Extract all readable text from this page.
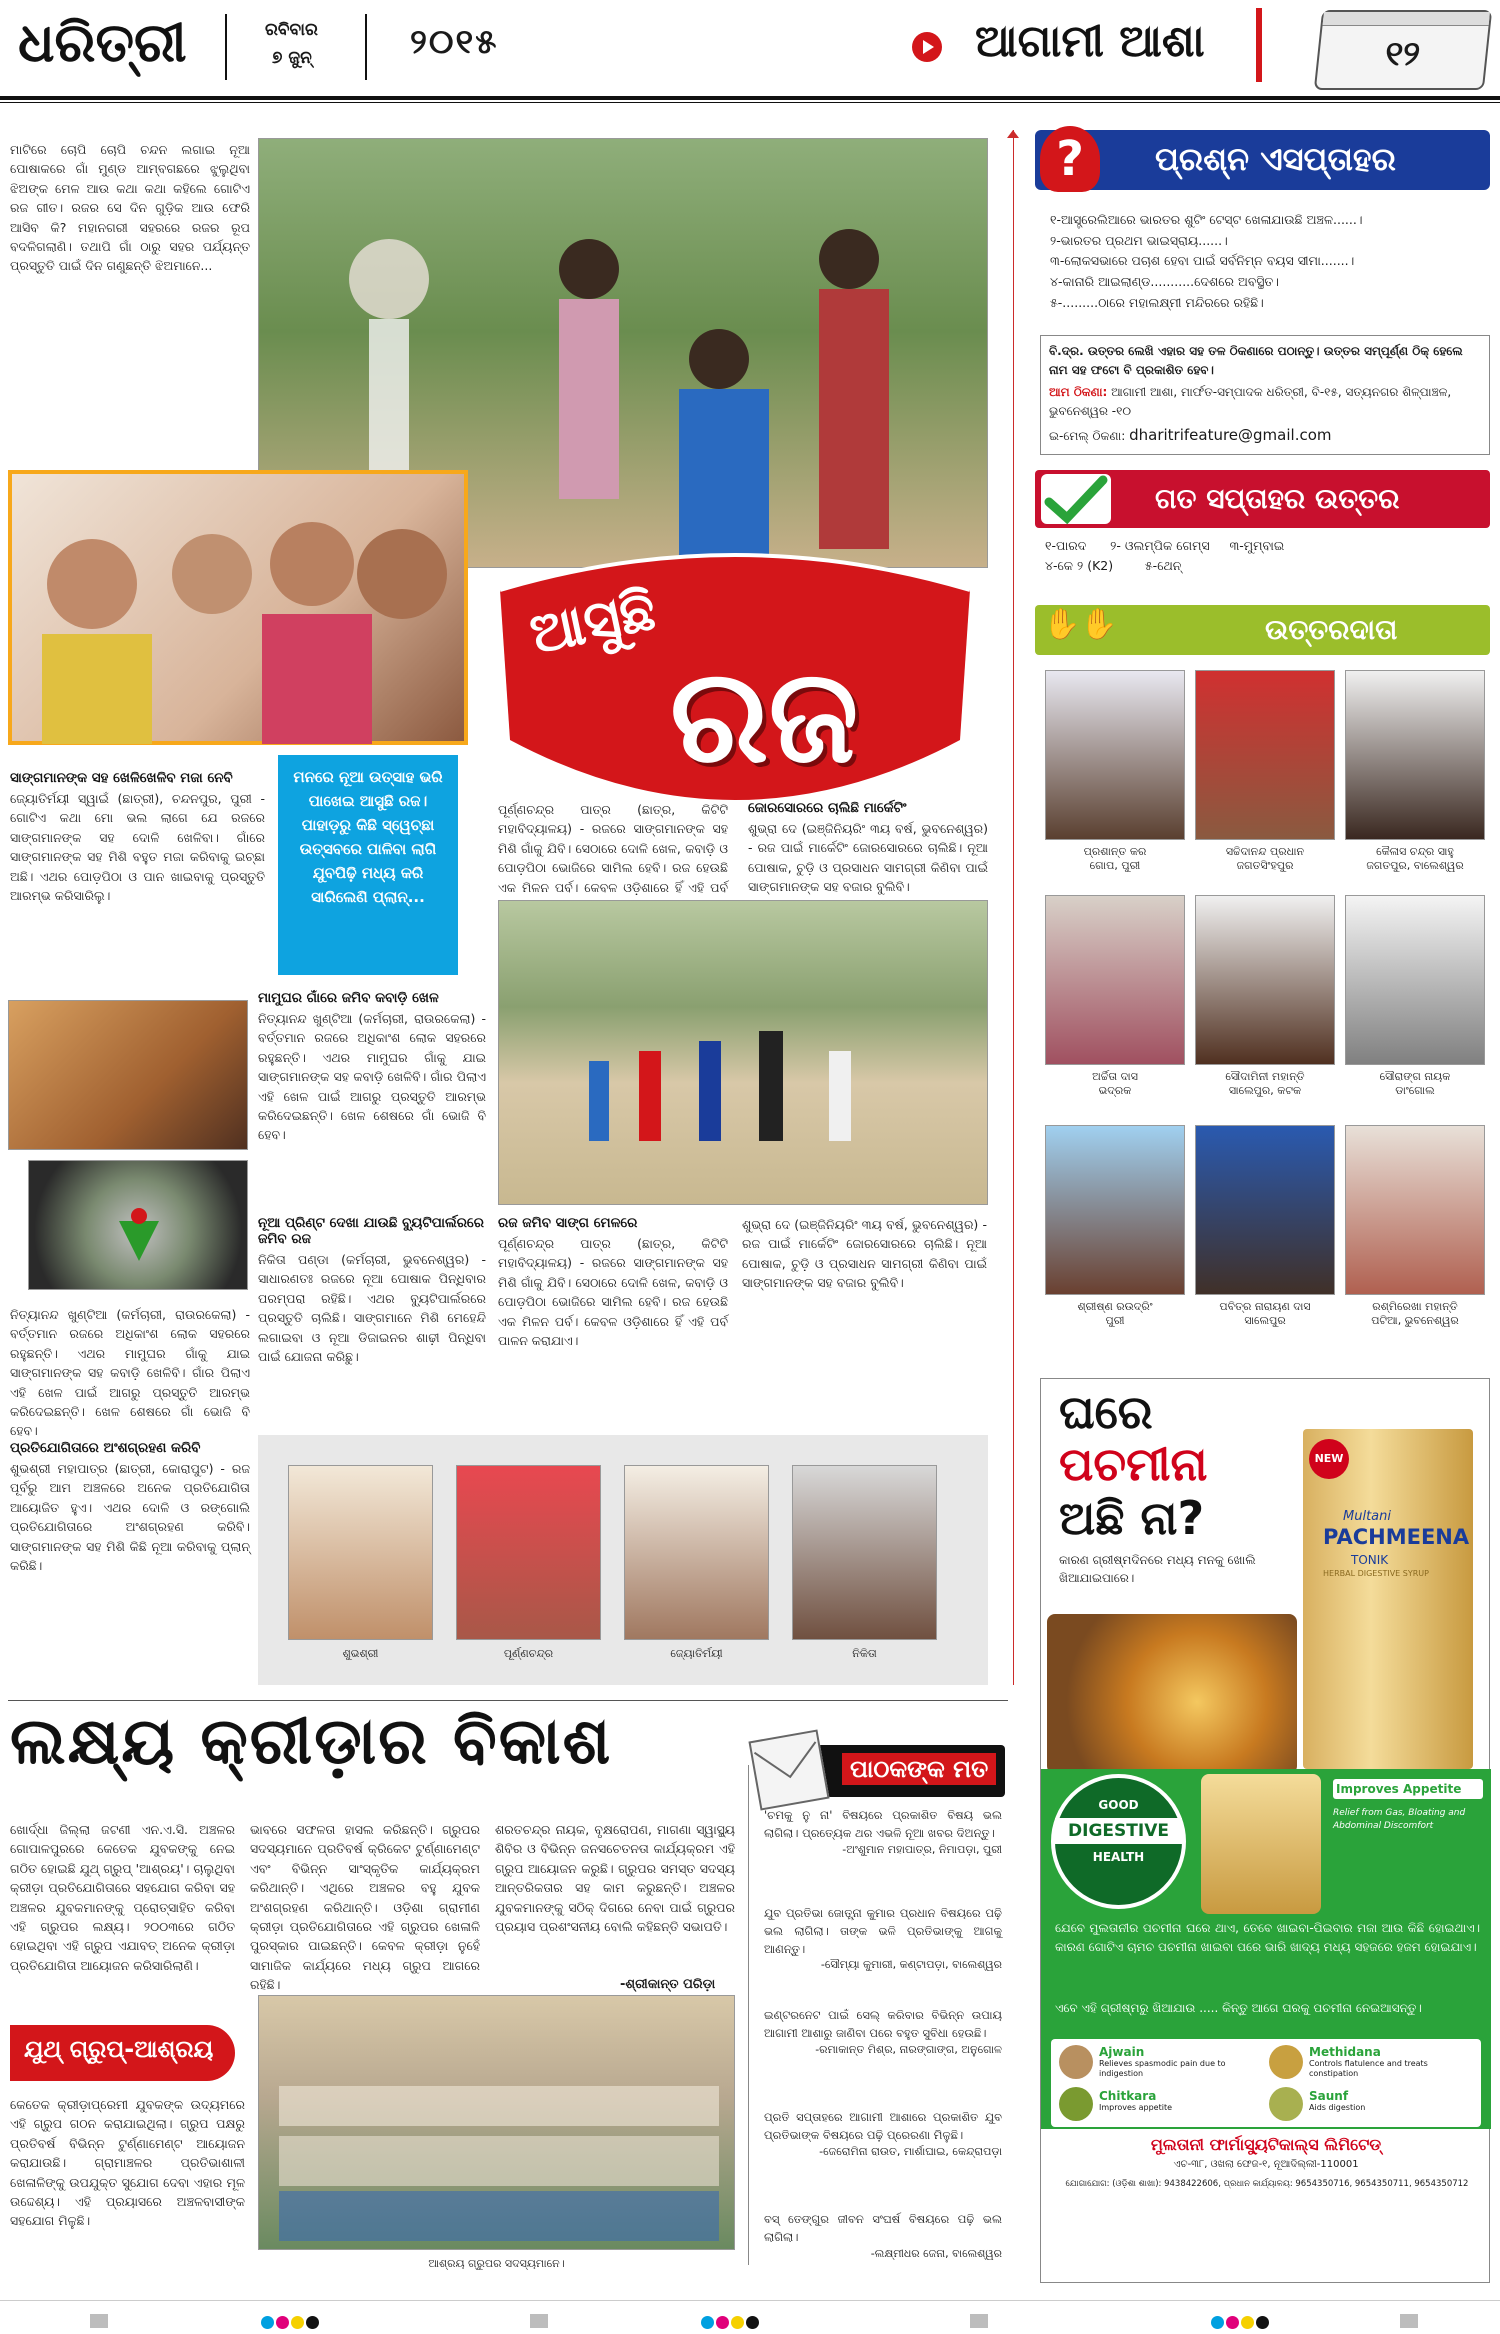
ଧରିତ୍ରୀ	ରବିବାର
୭ ଜୁନ୍	୨୦୧୫	ଆଗାମୀ ଆଶା	୧୨
ମାଟିରେ ଚୋପି ଚୋପି ଚନ୍ଦନ ଲଗାଇ ନୂଆ ପୋଷାକରେ ଗାଁ ମୁଣ୍ଡ ଆମ୍ବଗଛରେ ଝୁଲୁଥିବା ଝିଅଙ୍କ ମେଳ ଆଉ କଥା କଥା କହିଲେ ଗୋଟିଏ ରଜ ଗୀତ। ରଜର ସେ ଦିନ ଗୁଡ଼ିକ ଆଉ ଫେରି ଆସିବ କି? ମହାନଗରୀ ସହରରେ ରଜର ରୂପ ବଦଳିଗଲାଣି। ତଥାପି ଗାଁ ଠାରୁ ସହର ପର୍ଯ୍ୟନ୍ତ ପ୍ରସ୍ତୁତି ପାଇଁ ଦିନ ଗଣୁଛନ୍ତି ଝିଅମାନେ...
ଆସୁଛି
ରଜ
ମନରେ ନୂଆ ଉତ୍ସାହ ଭରି ପାଖେଇ ଆସୁଛି ରଜ। ପାହାଡ଼ରୁ କିଛି ସ୍ୱେଚ୍ଛା ଉତ୍ସବରେ ପାଳିବା ଲାଗି ଯୁବପିଢ଼ି ମଧ୍ୟ କରି ସାରିଲେଣି ପ୍ଲାନ୍...
ସାଙ୍ଗମାନଙ୍କ ସହ ଖେଳିଖେଳିବ ମଜା ନେବି
ଜ୍ୟୋତିର୍ମୟୀ ସ୍ୱାଇଁ (ଛାତ୍ରୀ), ଚନ୍ଦନପୁର, ପୁରୀ - ଗୋଟିଏ କଥା ମୋ ଭଲ ଲାଗେ ଯେ ରଜରେ ସାଙ୍ଗମାନଙ୍କ ସହ ଦୋଳି ଖେଳିବା। ଗାଁରେ ସାଙ୍ଗମାନଙ୍କ ସହ ମିଶି ବହୁତ ମଜା କରିବାକୁ ଇଚ୍ଛା ଅଛି। ଏଥର ପୋଡ଼ପିଠା ଓ ପାନ ଖାଇବାକୁ ପ୍ରସ୍ତୁତି ଆରମ୍ଭ କରିସାରିଲୁ।
ମାମୁଘର ଗାଁରେ ଜମିବ କବାଡ଼ି ଖେଳ
ନିତ୍ୟାନନ୍ଦ ଖୁଣ୍ଟିଆ (କର୍ମଚାରୀ, ରାଉରକେଲା) - ବର୍ତ୍ତମାନ ରଜରେ ଅଧିକାଂଶ ଲୋକ ସହରରେ ରହୁଛନ୍ତି। ଏଥର ମାମୁଘର ଗାଁକୁ ଯାଇ ସାଙ୍ଗମାନଙ୍କ ସହ କବାଡ଼ି ଖେଳିବି। ଗାଁର ପିଲାଏ ଏହି ଖେଳ ପାଇଁ ଆଗରୁ ପ୍ରସ୍ତୁତି ଆରମ୍ଭ କରିଦେଇଛନ୍ତି। ଖେଳ ଶେଷରେ ଗାଁ ଭୋଜି ବି ହେବ।
ପୂର୍ଣ୍ଣଚନ୍ଦ୍ର ପାତ୍ର (ଛାତ୍ର, କିଟିଟି ମହାବିଦ୍ୟାଳୟ) - ରଜରେ ସାଙ୍ଗମାନଙ୍କ ସହ ମିଶି ଗାଁକୁ ଯିବି। ସେଠାରେ ଦୋଳି ଖେଳ, କବାଡ଼ି ଓ ପୋଡ଼ପିଠା ଭୋଜିରେ ସାମିଲ ହେବି। ରଜ ହେଉଛି ଏକ ମିଳନ ପର୍ବ। କେବଳ ଓଡ଼ିଶାରେ ହିଁ ଏହି ପର୍ବ
ଜୋରସୋରରେ ଚାଲିଛି ମାର୍କେଟିଂ
ଶୁଭ୍ରା ଦେ (ଇଞ୍ଜିନିୟରିଂ ୩ୟ ବର୍ଷ, ଭୁବନେଶ୍ୱର) - ରଜ ପାଇଁ ମାର୍କେଟିଂ ଜୋରସୋରରେ ଚାଲିଛି। ନୂଆ ପୋଷାକ, ଚୁଡ଼ି ଓ ପ୍ରସାଧନ ସାମଗ୍ରୀ କିଣିବା ପାଇଁ ସାଙ୍ଗମାନଙ୍କ ସହ ବଜାର ବୁଲିବି।
ନୂଆ ପ୍ରିଣ୍ଟ ଦେଖା ଯାଉଛି ବ୍ୟୁଟିପାର୍ଲରରେ ଜମିବ ରଜ
ନିକିତା ପଣ୍ଡା (କର୍ମଚାରୀ, ଭୁବନେଶ୍ୱର) - ସାଧାରଣତଃ ରଜରେ ନୂଆ ପୋଷାକ ପିନ୍ଧିବାର ପରମ୍ପରା ରହିଛି। ଏଥର ବ୍ୟୁଟିପାର୍ଲରରେ ପ୍ରସ୍ତୁତି ଚାଲିଛି। ସାଙ୍ଗମାନେ ମିଶି ମେହେନ୍ଦି ଲଗାଇବା ଓ ନୂଆ ଡିଜାଇନର ଶାଢ଼ୀ ପିନ୍ଧିବା ପାଇଁ ଯୋଜନା କରିଛୁ।
ରଜ ଜମିବ ସାଙ୍ଗ ମେଳରେ
ପୂର୍ଣ୍ଣଚନ୍ଦ୍ର ପାତ୍ର (ଛାତ୍ର, କିଟିଟି ମହାବିଦ୍ୟାଳୟ) - ରଜରେ ସାଙ୍ଗମାନଙ୍କ ସହ ମିଶି ଗାଁକୁ ଯିବି। ସେଠାରେ ଦୋଳି ଖେଳ, କବାଡ଼ି ଓ ପୋଡ଼ପିଠା ଭୋଜିରେ ସାମିଲ ହେବି। ରଜ ହେଉଛି ଏକ ମିଳନ ପର୍ବ। କେବଳ ଓଡ଼ିଶାରେ ହିଁ ଏହି ପର୍ବ ପାଳନ କରାଯାଏ।
ଶୁଭ୍ରା ଦେ (ଇଞ୍ଜିନିୟରିଂ ୩ୟ ବର୍ଷ, ଭୁବନେଶ୍ୱର) - ରଜ ପାଇଁ ମାର୍କେଟିଂ ଜୋରସୋରରେ ଚାଲିଛି। ନୂଆ ପୋଷାକ, ଚୁଡ଼ି ଓ ପ୍ରସାଧନ ସାମଗ୍ରୀ କିଣିବା ପାଇଁ ସାଙ୍ଗମାନଙ୍କ ସହ ବଜାର ବୁଲିବି।
ନିତ୍ୟାନନ୍ଦ ଖୁଣ୍ଟିଆ (କର୍ମଚାରୀ, ରାଉରକେଲା) - ବର୍ତ୍ତମାନ ରଜରେ ଅଧିକାଂଶ ଲୋକ ସହରରେ ରହୁଛନ୍ତି। ଏଥର ମାମୁଘର ଗାଁକୁ ଯାଇ ସାଙ୍ଗମାନଙ୍କ ସହ କବାଡ଼ି ଖେଳିବି। ଗାଁର ପିଲାଏ ଏହି ଖେଳ ପାଇଁ ଆଗରୁ ପ୍ରସ୍ତୁତି ଆରମ୍ଭ କରିଦେଇଛନ୍ତି। ଖେଳ ଶେଷରେ ଗାଁ ଭୋଜି ବି ହେବ।
ପ୍ରତିଯୋଗିତାରେ ଅଂଶଗ୍ରହଣ କରିବି
ଶୁଭଶ୍ରୀ ମହାପାତ୍ର (ଛାତ୍ରୀ, କୋରାପୁଟ) - ରଜ ପୂର୍ବରୁ ଆମ ଅଞ୍ଚଳରେ ଅନେକ ପ୍ରତିଯୋଗିତା ଆୟୋଜିତ ହୁଏ। ଏଥର ଦୋଳି ଓ ରଙ୍ଗୋଲି ପ୍ରତିଯୋଗିତାରେ ଅଂଶଗ୍ରହଣ କରିବି। ସାଙ୍ଗମାନଙ୍କ ସହ ମିଶି କିଛି ନୂଆ କରିବାକୁ ପ୍ଲାନ୍ କରିଛି।
ଶୁଭଶ୍ରୀ	ପୂର୍ଣ୍ଣଚନ୍ଦ୍ର	ଜ୍ୟୋତିର୍ମୟୀ	ନିକିତା
?	ପ୍ରଶ୍ନ ଏସପ୍ତାହର
୧-ଆସ୍ତ୍ରେଲିଆରେ ଭାରତର ଶୁଟିଂ ଟେସ୍ଟ ଖେଳାଯାଉଛି ଅଞ୍ଚଳ......।
୨-ଭାରତର ପ୍ରଥମ ଭାଇସ୍‌ରାୟ......।
୩-ଲୋକସଭାରେ ପଚାଶ ହେବା ପାଇଁ ସର୍ବନିମ୍ନ ବୟସ ସୀମା.......।
୪-କାନାରି ଆଇଲାଣ୍ଡ...........ଦେଶରେ ଅବସ୍ଥିତ।
୫-.........ଠାରେ ମହାଲକ୍ଷ୍ମୀ ମନ୍ଦିରରେ ରହିଛି।
ବି.ଦ୍ର. ଉତ୍ତର ଲେଖି ଏହାର ସହ ତଳ ଠିକଣାରେ ପଠାନ୍ତୁ। ଉତ୍ତର ସମ୍ପୂର୍ଣ୍ଣ ଠିକ୍ ହେଲେ ନାମ ସହ ଫଟୋ ବି ପ୍ରକାଶିତ ହେବ।
ଆମ ଠିକଣା: ଆଗାମୀ ଆଶା, ମାର୍ଫତ-ସମ୍ପାଦକ ଧରିତ୍ରୀ, ବି-୧୫, ସତ୍ୟନଗର ଶିଳ୍ପାଞ୍ଚଳ, ଭୁବନେଶ୍ୱର -୧୦
ଇ-ମେଲ୍ ଠିକଣା: dharitrifeature@gmail.com
ଗତ ସପ୍ତାହର ଉତ୍ତର
୧-ପାରଦ      ୨- ଓଲମ୍ପିକ ଗେମ୍ସ     ୩-ମୁମ୍ବାଇ
୪-କେ ୨ (K2)        ୫-ଥେନ୍
✋✋	ଉତ୍ତରଦାତା
ପ୍ରଶାନ୍ତ କର
ଗୋପ, ପୁରୀ
ସଚ୍ଚିଦାନନ୍ଦ ପ୍ରଧାନ
ଜଗତସିଂହପୁର
କୈଳାସ ଚନ୍ଦ୍ର ସାହୁ
ଜଗତପୁର, ବାଲେଶ୍ୱର
ଅର୍ଚ୍ଚିତା ଦାସ
ଭଦ୍ରକ
ସୌଦାମିନୀ ମହାନ୍ତି
ସାଲେପୁର, କଟକ
ସୌରାଙ୍ଗ ନାୟକ
ଡାଂଗୋଲ
ଶ୍ରୀଷ୍ଣ ରଉଦ୍ରିଂ
ପୁରୀ
ପବିତ୍ର ନାରାୟଣ ଦାସ
ସାଲେପୁର
ରଶ୍ମିରେଖା ମହାନ୍ତି
ପଟିଆ, ଭୁବନେଶ୍ୱର
ଘରେ
ପଚମୀନା
ଅଛି ନା?
କାରଣ ଗ୍ରୀଷ୍ମଦିନରେ ମଧ୍ୟ ମନକୁ ଖୋଲି ଖିଆଯାଇପାରେ।
NEW
Multani
PACHMEENA
TONIK
HERBAL DIGESTIVE SYRUP
GOOD
DIGESTIVE
HEALTH
Improves Appetite
Relief from Gas, Bloating and Abdominal Discomfort
ଯେବେ ମୁଲତାନୀର ପଚମୀନା ଘରେ ଥାଏ, ତେବେ ଖାଇବା-ପିଇବାର ମଜା ଆଉ କିଛି ହୋଇଥାଏ। କାରଣ ଗୋଟିଏ ଚାମଚ ପଚମୀନା ଖାଇବା ପରେ ଭାରି ଖାଦ୍ୟ ମଧ୍ୟ ସହଜରେ ହଜମ ହୋଇଯାଏ।
ଏବେ ଏହି ଗ୍ରୀଷ୍ମରୁ ଖିଆଯାଉ ..... କିନ୍ତୁ ଆଗେ ଘରକୁ ପଚମୀନା ନେଇଆସନ୍ତୁ।
Ajwain
Relieves spasmodic pain due to indigestion
Methidana
Controls flatulence and treats constipation
Chitkara
Improves appetite
Saunf
Aids digestion
ମୁଲତାନୀ ଫାର୍ମାସ୍ୟୁଟିକାଲ୍ସ ଲିମିଟେଡ୍
ଏଚ-୩୮, ଓଖଲା ଫେଜ-୧, ନୂଆଦିଲ୍ଲୀ-110001
ଯୋଗାଯୋଗ: (ଓଡ଼ିଶା ଶାଖା): 9438422606, ପ୍ରଧାନ କାର୍ଯ୍ୟାଳୟ: 9654350716, 9654350711, 9654350712
ଲକ୍ଷ୍ୟ କ୍ରୀଡ଼ାର ବିକାଶ
ଖୋର୍ଦ୍ଧା ଜିଲ୍ଲା ଜଟଣୀ ଏନ.ଏ.ସି. ଅଞ୍ଚଳର ଗୋପାଳପୁରରେ କେତେକ ଯୁବକଙ୍କୁ ନେଇ ଗଠିତ ହୋଇଛି ଯୁଥ୍ ଗ୍ରୁପ୍ 'ଆଶ୍ରୟ'। ଚାଲୁଥିବା କ୍ରୀଡ଼ା ପ୍ରତିଯୋଗିତାରେ ସହଯୋଗ କରିବା ସହ ଅଞ୍ଚଳର ଯୁବକମାନଙ୍କୁ ପ୍ରୋତ୍ସାହିତ କରିବା ଏହି ଗ୍ରୁପର ଲକ୍ଷ୍ୟ। ୨୦୦୩ରେ ଗଠିତ ହୋଇଥିବା ଏହି ଗ୍ରୁପ ଏଯାବତ୍ ଅନେକ କ୍ରୀଡ଼ା ପ୍ରତିଯୋଗିତା ଆୟୋଜନ କରିସାରିଲାଣି।
ଭାବରେ ସଫଳତା ହାସଲ କରିଛନ୍ତି। ଗ୍ରୁପର ସଦସ୍ୟମାନେ ପ୍ରତିବର୍ଷ କ୍ରିକେଟ ଟୁର୍ଣ୍ଣାମେଣ୍ଟ ଏବଂ ବିଭିନ୍ନ ସାଂସ୍କୃତିକ କାର୍ଯ୍ୟକ୍ରମ କରିଥାନ୍ତି। ଏଥିରେ ଅଞ୍ଚଳର ବହୁ ଯୁବକ ଅଂଶଗ୍ରହଣ କରିଥାନ୍ତି। ଓଡ଼ିଶା ଗ୍ରାମୀଣ କ୍ରୀଡ଼ା ପ୍ରତିଯୋଗିତାରେ ଏହି ଗ୍ରୁପର ଖେଳାଳି ପୁରସ୍କାର ପାଇଛନ୍ତି। କେବଳ କ୍ରୀଡ଼ା ନୁହେଁ ସାମାଜିକ କାର୍ଯ୍ୟରେ ମଧ୍ୟ ଗ୍ରୁପ ଆଗରେ ରହିଛି।
ଶରତଚନ୍ଦ୍ର ନାୟକ, ବୃକ୍ଷରୋପଣ, ମାଗଣା ସ୍ୱାସ୍ଥ୍ୟ ଶିବିର ଓ ବିଭିନ୍ନ ଜନସଚେତନତା କାର୍ଯ୍ୟକ୍ରମ ଏହି ଗ୍ରୁପ ଆୟୋଜନ କରୁଛି। ଗ୍ରୁପର ସମସ୍ତ ସଦସ୍ୟ ଆନ୍ତରିକତାର ସହ କାମ କରୁଛନ୍ତି। ଅଞ୍ଚଳର ଯୁବକମାନଙ୍କୁ ସଠିକ୍ ଦିଗରେ ନେବା ପାଇଁ ଗ୍ରୁପର ପ୍ରୟାସ ପ୍ରଶଂସନୀୟ ବୋଲି କହିଛନ୍ତି ସଭାପତି।
-ଶ୍ରୀକାନ୍ତ ପରିଡ଼ା
ଯୁଥ୍ ଗ୍ରୁପ୍-ଆଶ୍ରୟ
କେତେକ କ୍ରୀଡ଼ାପ୍ରେମୀ ଯୁବକଙ୍କ ଉଦ୍ୟମରେ ଏହି ଗ୍ରୁପ ଗଠନ କରାଯାଇଥିଲା। ଗ୍ରୁପ ପକ୍ଷରୁ ପ୍ରତିବର୍ଷ ବିଭିନ୍ନ ଟୁର୍ଣ୍ଣାମେଣ୍ଟ ଆୟୋଜନ କରାଯାଉଛି। ଗ୍ରାମାଞ୍ଚଳର ପ୍ରତିଭାଶାଳୀ ଖେଳାଳିଙ୍କୁ ଉପଯୁକ୍ତ ସୁଯୋଗ ଦେବା ଏହାର ମୂଳ ଉଦ୍ଦେଶ୍ୟ। ଏହି ପ୍ରୟାସରେ ଅଞ୍ଚଳବାସୀଙ୍କ ସହଯୋଗ ମିଳୁଛି।
ଆଶ୍ରୟ ଗ୍ରୁପର ସଦସ୍ୟମାନେ।
ପାଠକଙ୍କ ମତ
'ଚମକୁ ନୁ ନା' ବିଷୟରେ ପ୍ରକାଶିତ ବିଷୟ ଭଲ ଲାଗିଲା। ପ୍ରତ୍ୟେକ ଥର ଏଭଳି ନୂଆ ଖବର ଦିଅନ୍ତୁ।
-ଅଂଶୁମାନ ମହାପାତ୍ର, ନିମାପଡ଼ା, ପୁରୀ
ଯୁବ ପ୍ରତିଭା ଜୋତ୍ସ୍ନା କୁମାର ପ୍ରଧାନ ବିଷୟରେ ପଢ଼ି ଭଲ ଲାଗିଲା। ତାଙ୍କ ଭଳି ପ୍ରତିଭାଙ୍କୁ ଆଗକୁ ଆଣନ୍ତୁ।
-ସୌମ୍ୟା କୁମାରୀ, କଣ୍ଟାପଡ଼ା, ବାଲେଶ୍ୱର
ଇଣ୍ଟରନେଟ ପାଇଁ ସେଲ୍ କରିବାର ବିଭିନ୍ନ ଉପାୟ ଆଗାମୀ ଆଶାରୁ ଜାଣିବା ପରେ ବହୁତ ସୁବିଧା ହେଉଛି।
-ରମାକାନ୍ତ ମିଶ୍ର, ନାରଙ୍ଗାଙ୍ଗ, ଅନୁଗୋଳ
ପ୍ରତି ସପ୍ତାହରେ ଆଗାମୀ ଆଶାରେ ପ୍ରକାଶିତ ଯୁବ ପ୍ରତିଭାଙ୍କ ବିଷୟରେ ପଢ଼ି ପ୍ରେରଣା ମିଳୁଛି।
-ଜେରୋମିନା ରାଉତ, ମାର୍ଶାଘାଇ, କେନ୍ଦ୍ରାପଡ଼ା
ବସ୍ ତେଙ୍ଗୁର ଜୀବନ ସଂଘର୍ଷ ବିଷୟରେ ପଢ଼ି ଭଲ ଲାଗିଲା।
-ଲକ୍ଷ୍ମୀଧର ଜେନା, ବାଲେଶ୍ୱର
